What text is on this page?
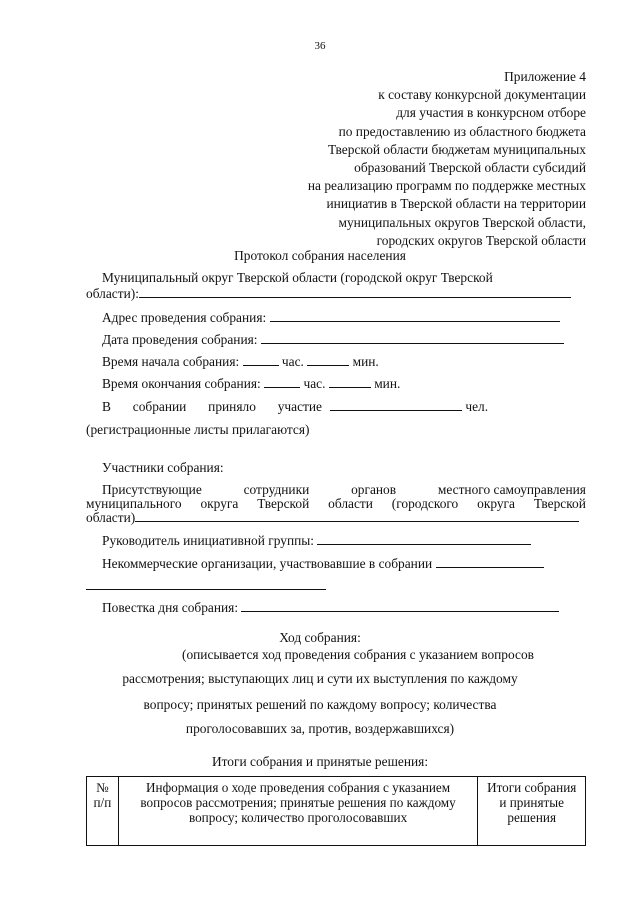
36
Приложение 4
к составу конкурсной документации
для участия в конкурсном отборе
по предоставлению из областного бюджета
Тверской области бюджетам муниципальных
образований Тверской области субсидий
на реализацию программ по поддержке местных
инициатив в Тверской области на территории
муниципальных округов Тверской области,
городских округов Тверской области
Протокол собрания населения
Муниципальный округ Тверской области (городской округ Тверской
области):
Адрес проведения собрания:
Дата проведения собрания:
Время начала собрания:	час.	мин.
Время окончания собрания:	час.	мин.
В собрании приняло участие	чел.
(регистрационные листы прилагаются)
Участники собрания:
Присутствующие	сотрудники	органов	местного самоуправления
муниципального округа Тверской области (городского округа Тверской
области)
Руководитель инициативной группы:
Некоммерческие организации, участвовавшие в собрании
Повестка дня собрания:
Ход собрания:
(описывается ход проведения собрания с указанием вопросов
рассмотрения; выступающих лиц и сути их выступления по каждому
вопросу; принятых решений по каждому вопросу; количества
проголосовавших за, против, воздержавшихся)
Итоги собрания и принятые решения:
№ п/п	Информация о ходе проведения собрания с указанием вопросов рассмотрения; принятые решения по каждому вопросу; количество проголосовавших	Итоги собрания и принятые решения
